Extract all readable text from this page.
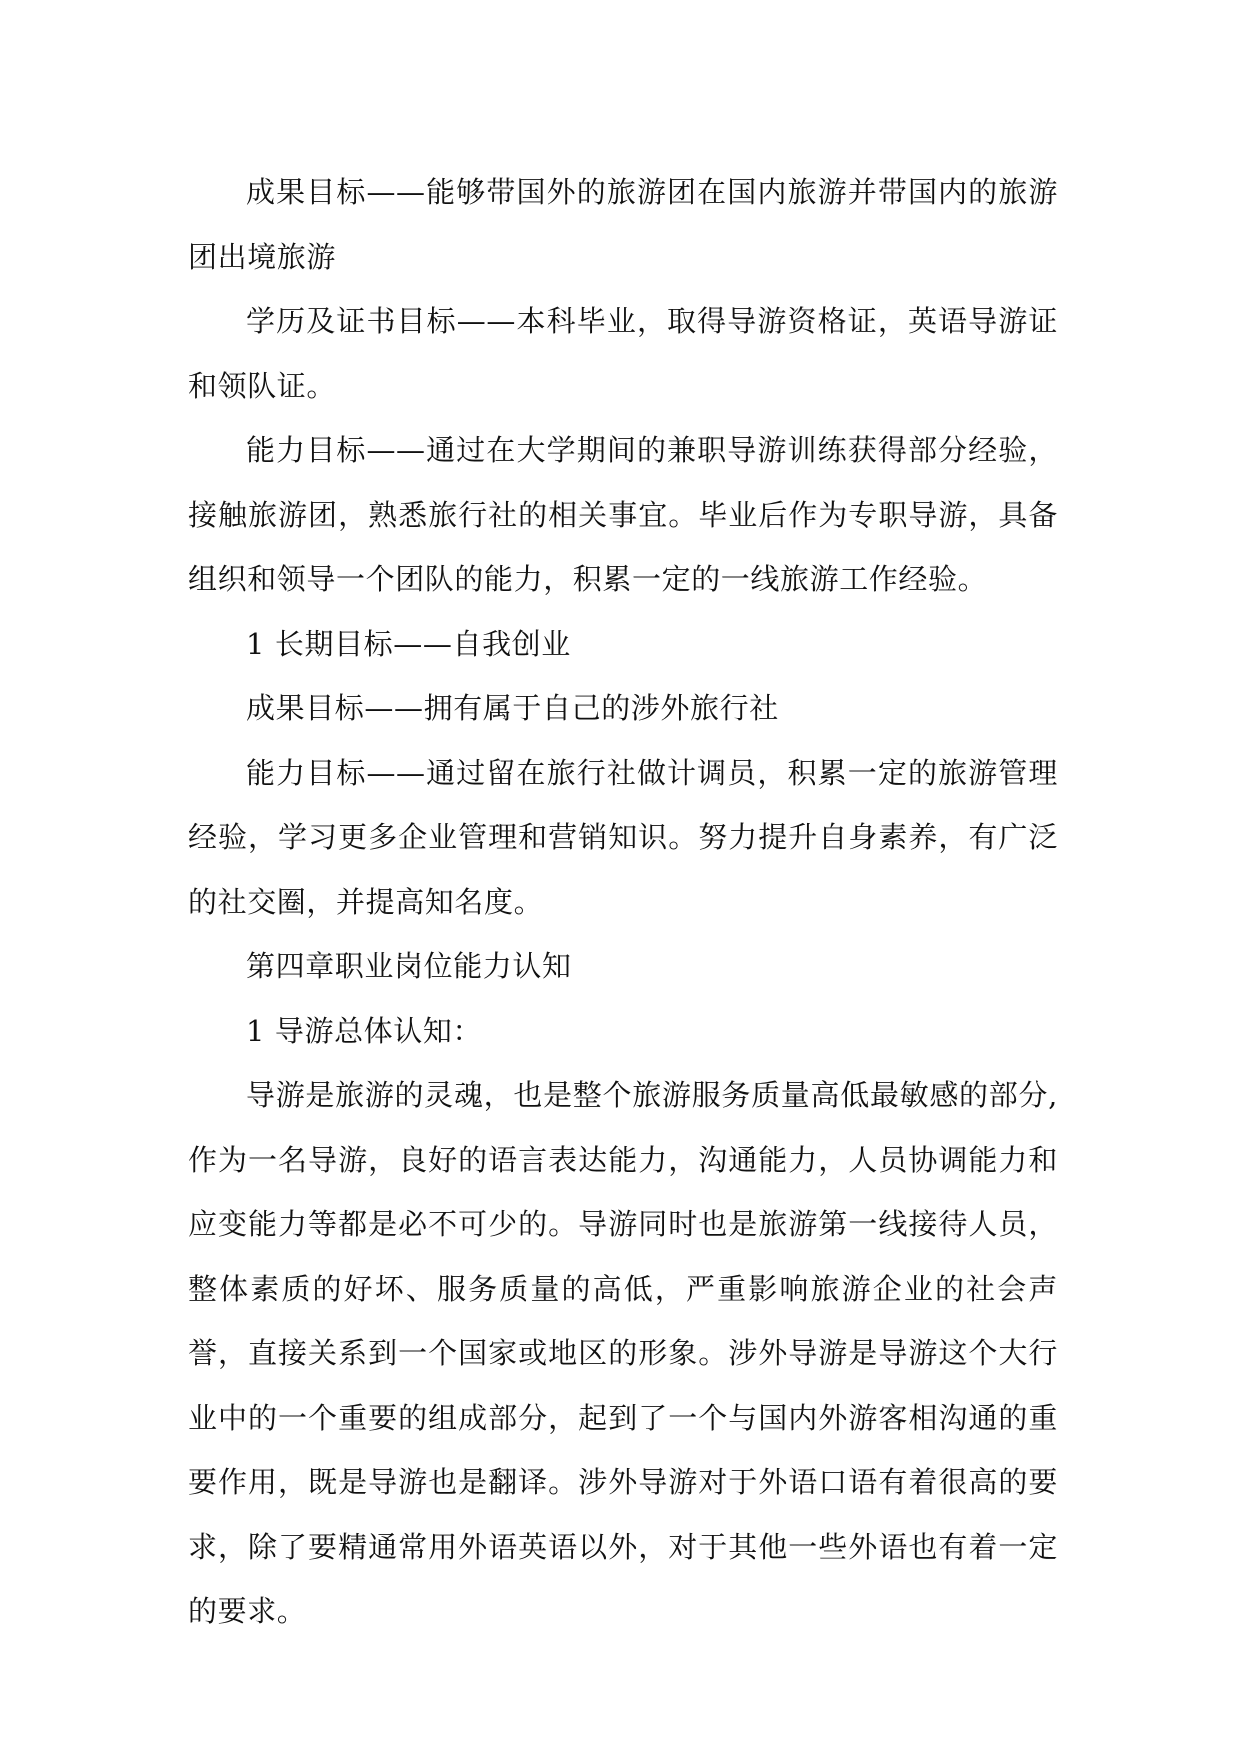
成果目标——能够带国外的旅游团在国内旅游并带国内的旅游团出境旅游

学历及证书目标——本科毕业，取得导游资格证，英语导游证和领队证。

能力目标——通过在大学期间的兼职导游训练获得部分经验，接触旅游团，熟悉旅行社的相关事宜。毕业后作为专职导游，具备组织和领导一个团队的能力，积累一定的一线旅游工作经验。

1 长期目标——自我创业

成果目标——拥有属于自己的涉外旅行社

能力目标——通过留在旅行社做计调员，积累一定的旅游管理经验，学习更多企业管理和营销知识。努力提升自身素养，有广泛的社交圈，并提高知名度。

第四章职业岗位能力认知

1 导游总体认知：

导游是旅游的灵魂，也是整个旅游服务质量高低最敏感的部分,作为一名导游，良好的语言表达能力，沟通能力，人员协调能力和应变能力等都是必不可少的。导游同时也是旅游第一线接待人员，整体素质的好坏、服务质量的高低，严重影响旅游企业的社会声誉，直接关系到一个国家或地区的形象。涉外导游是导游这个大行业中的一个重要的组成部分，起到了一个与国内外游客相沟通的重要作用，既是导游也是翻译。涉外导游对于外语口语有着很高的要求，除了要精通常用外语英语以外，对于其他一些外语也有着一定的要求。
